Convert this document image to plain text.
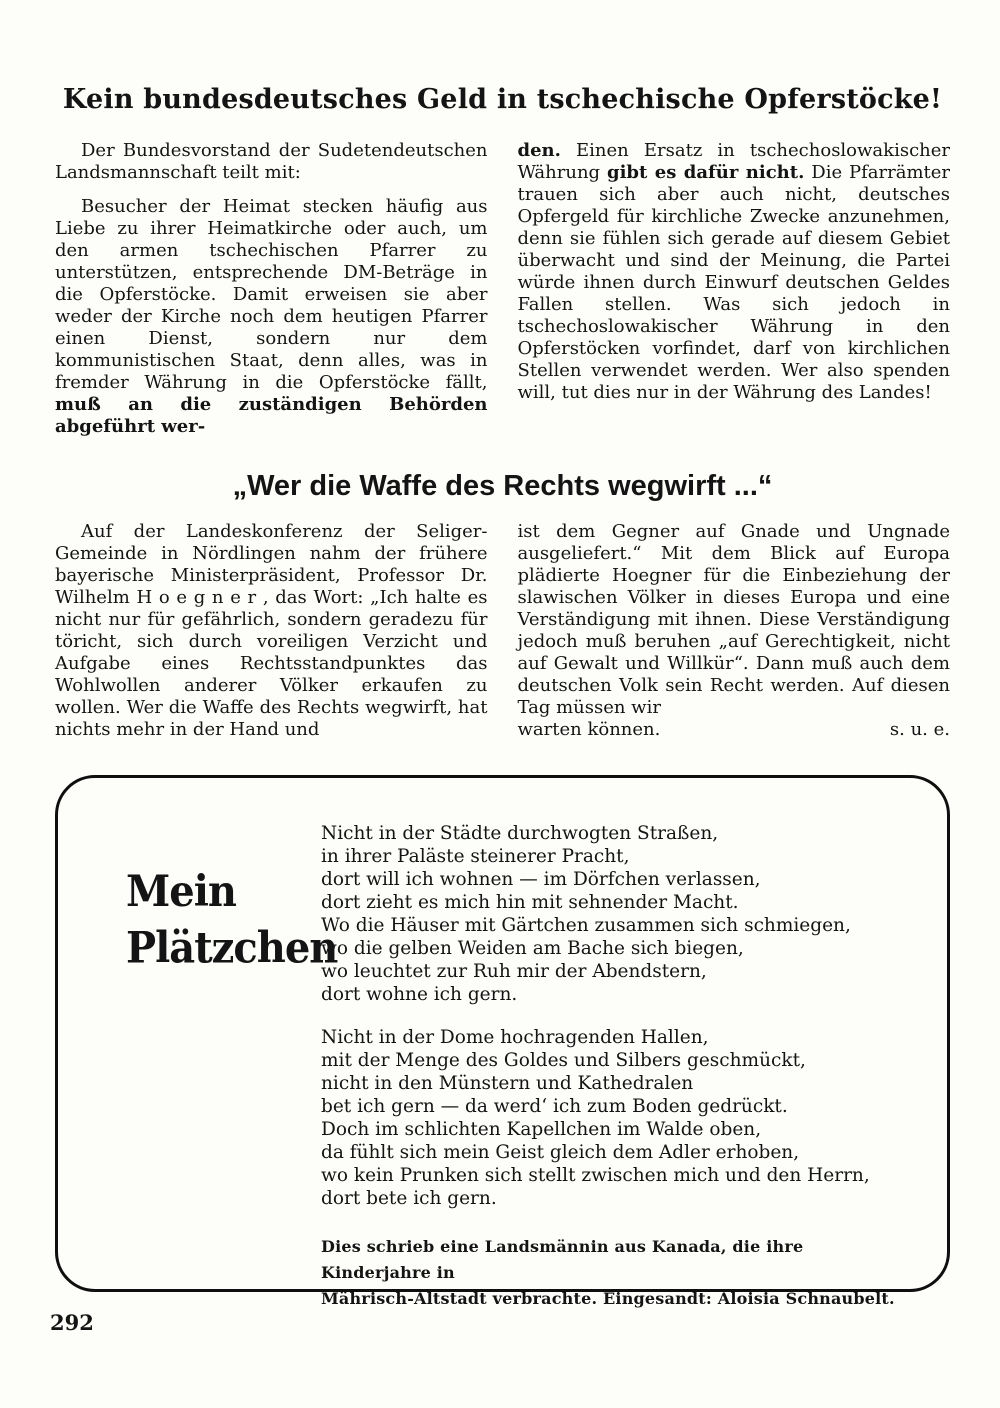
Kein bundesdeutsches Geld in tschechische Opferstöcke!

Der Bundesvorstand der Sudetendeutschen Landsmannschaft teilt mit:

Besucher der Heimat stecken häufig aus Liebe zu ihrer Heimatkirche oder auch, um den armen tschechischen Pfarrer zu unterstützen, entsprechende DM-Beträge in die Opferstöcke. Damit erweisen sie aber weder der Kirche noch dem heutigen Pfarrer einen Dienst, sondern nur dem kommunistischen Staat, denn alles, was in fremder Währung in die Opferstöcke fällt, muß an die zuständigen Behörden abgeführt wer-

den. Einen Ersatz in tschechoslowakischer Währung gibt es dafür nicht. Die Pfarrämter trauen sich aber auch nicht, deutsches Opfergeld für kirchliche Zwecke anzunehmen, denn sie fühlen sich gerade auf diesem Gebiet überwacht und sind der Meinung, die Partei würde ihnen durch Einwurf deutschen Geldes Fallen stellen. Was sich jedoch in tschechoslowakischer Währung in den Opferstöcken vorfindet, darf von kirchlichen Stellen verwendet werden. Wer also spenden will, tut dies nur in der Währung des Landes!

„Wer die Waffe des Rechts wegwirft ...“

Auf der Landeskonferenz der Seliger-Gemeinde in Nördlingen nahm der frühere bayerische Ministerpräsident, Professor Dr. Wilhelm H o e g n e r , das Wort: „Ich halte es nicht nur für gefährlich, sondern geradezu für töricht, sich durch voreiligen Verzicht und Aufgabe eines Rechtsstandpunktes das Wohlwollen anderer Völker erkaufen zu wollen. Wer die Waffe des Rechts wegwirft, hat nichts mehr in der Hand und

ist dem Gegner auf Gnade und Ungnade ausgeliefert.“ Mit dem Blick auf Europa plädierte Hoegner für die Einbeziehung der slawischen Völker in dieses Europa und eine Verständigung mit ihnen. Diese Verständigung jedoch muß beruhen „auf Gerechtigkeit, nicht auf Gewalt und Willkür“. Dann muß auch dem deutschen Volk sein Recht werden. Auf diesen Tag müssen wir

warten können.	s. u. e.
Mein
Plätzchen
Nicht in der Städte durchwogten Straßen,
in ihrer Paläste steinerer Pracht,
dort will ich wohnen — im Dörfchen verlassen,
dort zieht es mich hin mit sehnender Macht.
Wo die Häuser mit Gärtchen zusammen sich schmiegen,
wo die gelben Weiden am Bache sich biegen,
wo leuchtet zur Ruh mir der Abendstern,
dort wohne ich gern.
Nicht in der Dome hochragenden Hallen,
mit der Menge des Goldes und Silbers geschmückt,
nicht in den Münstern und Kathedralen
bet ich gern — da werd‘ ich zum Boden gedrückt.
Doch im schlichten Kapellchen im Walde oben,
da fühlt sich mein Geist gleich dem Adler erhoben,
wo kein Prunken sich stellt zwischen mich und den Herrn,
dort bete ich gern.
Dies schrieb eine Landsmännin aus Kanada, die ihre Kinderjahre in
Mährisch-Altstadt verbrachte. Eingesandt: Aloisia Schnaubelt.
292
